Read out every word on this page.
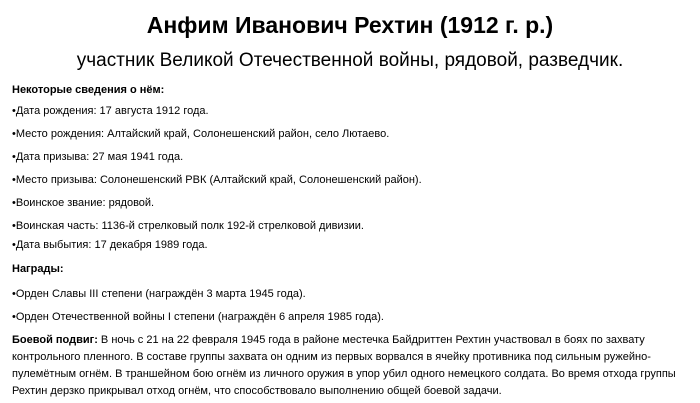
Анфим Иванович Рехтин (1912 г. р.)
участник Великой Отечественной войны, рядовой, разведчик.
Некоторые сведения о нём:
•Дата рождения: 17 августа 1912 года.
•Место рождения: Алтайский край, Солонешенский район, село Лютаево.
•Дата призыва: 27 мая 1941 года.
•Место призыва: Солонешенский РВК (Алтайский край, Солонешенский район).
•Воинское звание: рядовой.
•Воинская часть: 1136-й стрелковый полк 192-й стрелковой дивизии.
•Дата выбытия: 17 декабря 1989 года.
Награды:
•Орден Славы III степени (награждён 3 марта 1945 года).
•Орден Отечественной войны I степени (награждён 6 апреля 1985 года).
Боевой подвиг: В ночь с 21 на 22 февраля 1945 года в районе местечка Байдриттен Рехтин участвовал в боях по захвату контрольного пленного. В составе группы захвата он одним из первых ворвался в ячейку противника под сильным ружейно-пулемётным огнём. В траншейном бою огнём из личного оружия в упор убил одного немецкого солдата. Во время отхода группы Рехтин дерзко прикрывал отход огнём, что способствовало выполнению общей боевой задачи.
